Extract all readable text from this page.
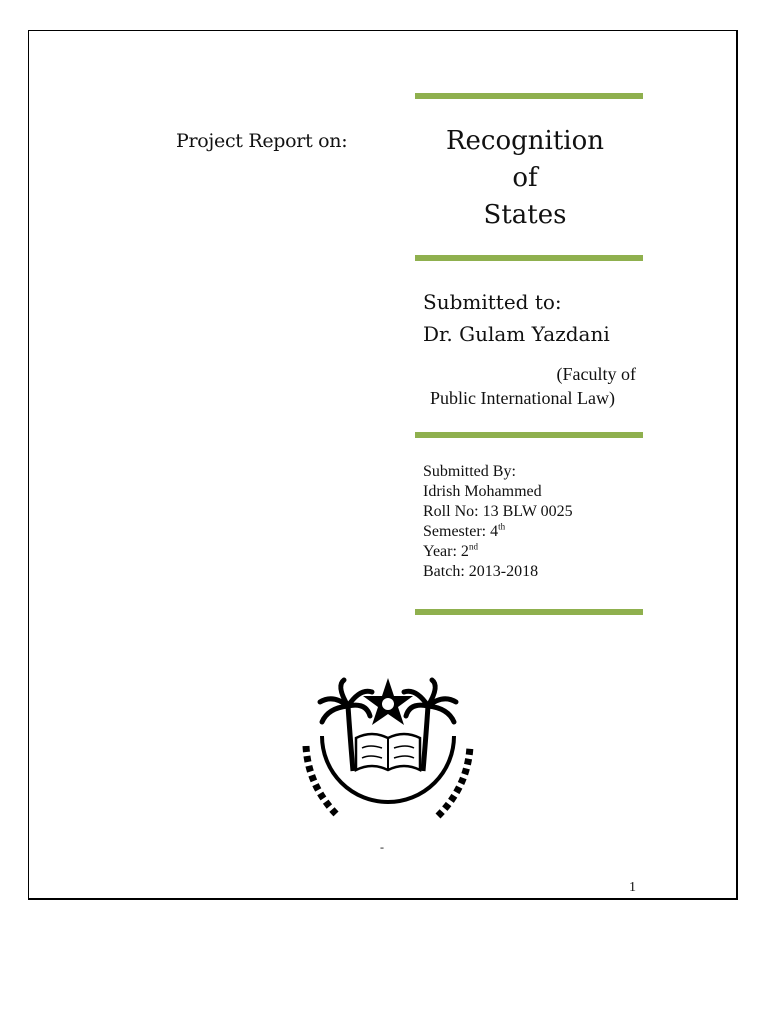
Project Report on:	Recognition
of
States
Submitted to:
Dr. Gulam Yazdani
(Faculty of
Public International Law)
Submitted By:
Idrish Mohammed
Roll No: 13 BLW 0025
Semester: 4th
Year: 2nd
Batch: 2013-2018
-
1
